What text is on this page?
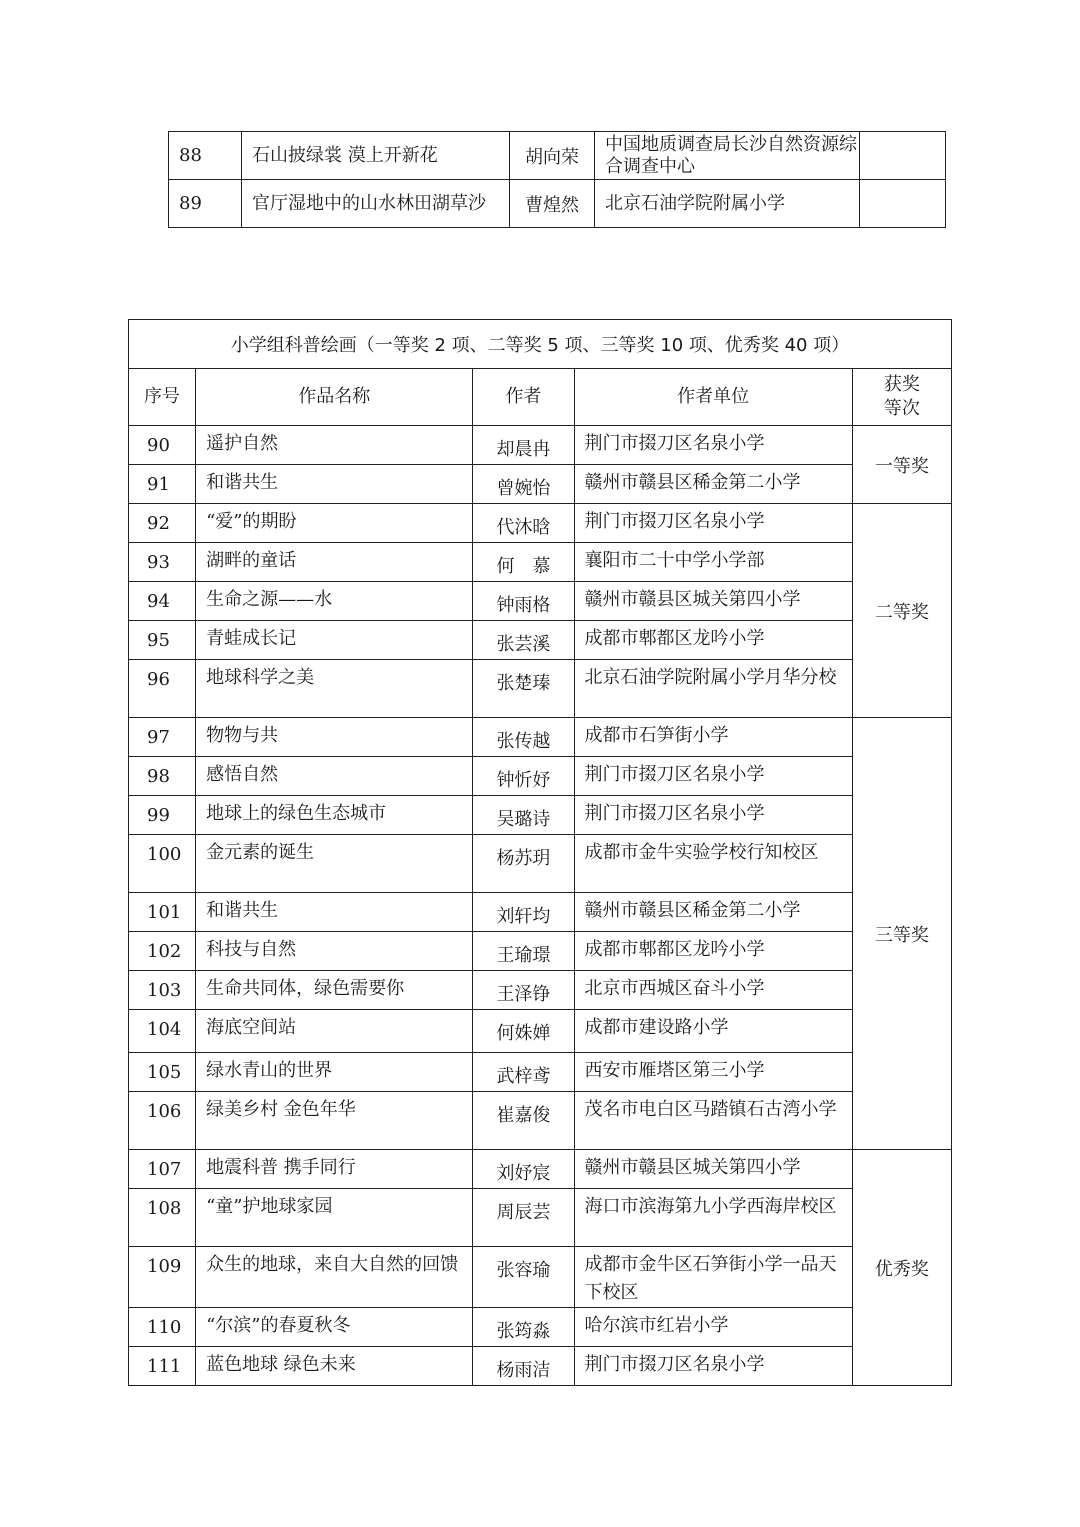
88	石山披绿裳 漠上开新花	胡向荣	中国地质调查局长沙自然资源综合调查中心	
89	官厅湿地中的山水林田湖草沙	曹煌然	北京石油学院附属小学	
小学组科普绘画（一等奖 2 项、二等奖 5 项、三等奖 10 项、优秀奖 40 项）				
序号	作品名称	作者	作者单位	获奖
等次
90	遥护自然	却晨冉	荆门市掇刀区名泉小学	一等奖
91	和谐共生	曾婉怡	赣州市赣县区稀金第二小学	
92	“爱”的期盼	代沐晗	荆门市掇刀区名泉小学	二等奖
93	湖畔的童话	何　慕	襄阳市二十中学小学部	
94	生命之源——水	钟雨格	赣州市赣县区城关第四小学	
95	青蛙成长记	张芸溪	成都市郫都区龙吟小学	
96	地球科学之美	张楚瑧	北京石油学院附属小学月华分校	
97	物物与共	张传越	成都市石笋街小学	三等奖
98	感悟自然	钟忻妤	荆门市掇刀区名泉小学	
99	地球上的绿色生态城市	吴璐诗	荆门市掇刀区名泉小学	
100	金元素的诞生	杨苏玥	成都市金牛实验学校行知校区	
101	和谐共生	刘轩均	赣州市赣县区稀金第二小学	
102	科技与自然	王瑜璟	成都市郫都区龙吟小学	
103	生命共同体，绿色需要你	王泽铮	北京市西城区奋斗小学	
104	海底空间站	何姝婵	成都市建设路小学	
105	绿水青山的世界	武梓鸢	西安市雁塔区第三小学	
106	绿美乡村 金色年华	崔嘉俊	茂名市电白区马踏镇石古湾小学	
107	地震科普 携手同行	刘妤宸	赣州市赣县区城关第四小学	优秀奖
108	“童”护地球家园	周辰芸	海口市滨海第九小学西海岸校区	
109	众生的地球，来自大自然的回馈	张容瑜	成都市金牛区石笋街小学一品天下校区	
110	“尔滨”的春夏秋冬	张筠淼	哈尔滨市红岩小学	
111	蓝色地球 绿色未来	杨雨洁	荆门市掇刀区名泉小学	
